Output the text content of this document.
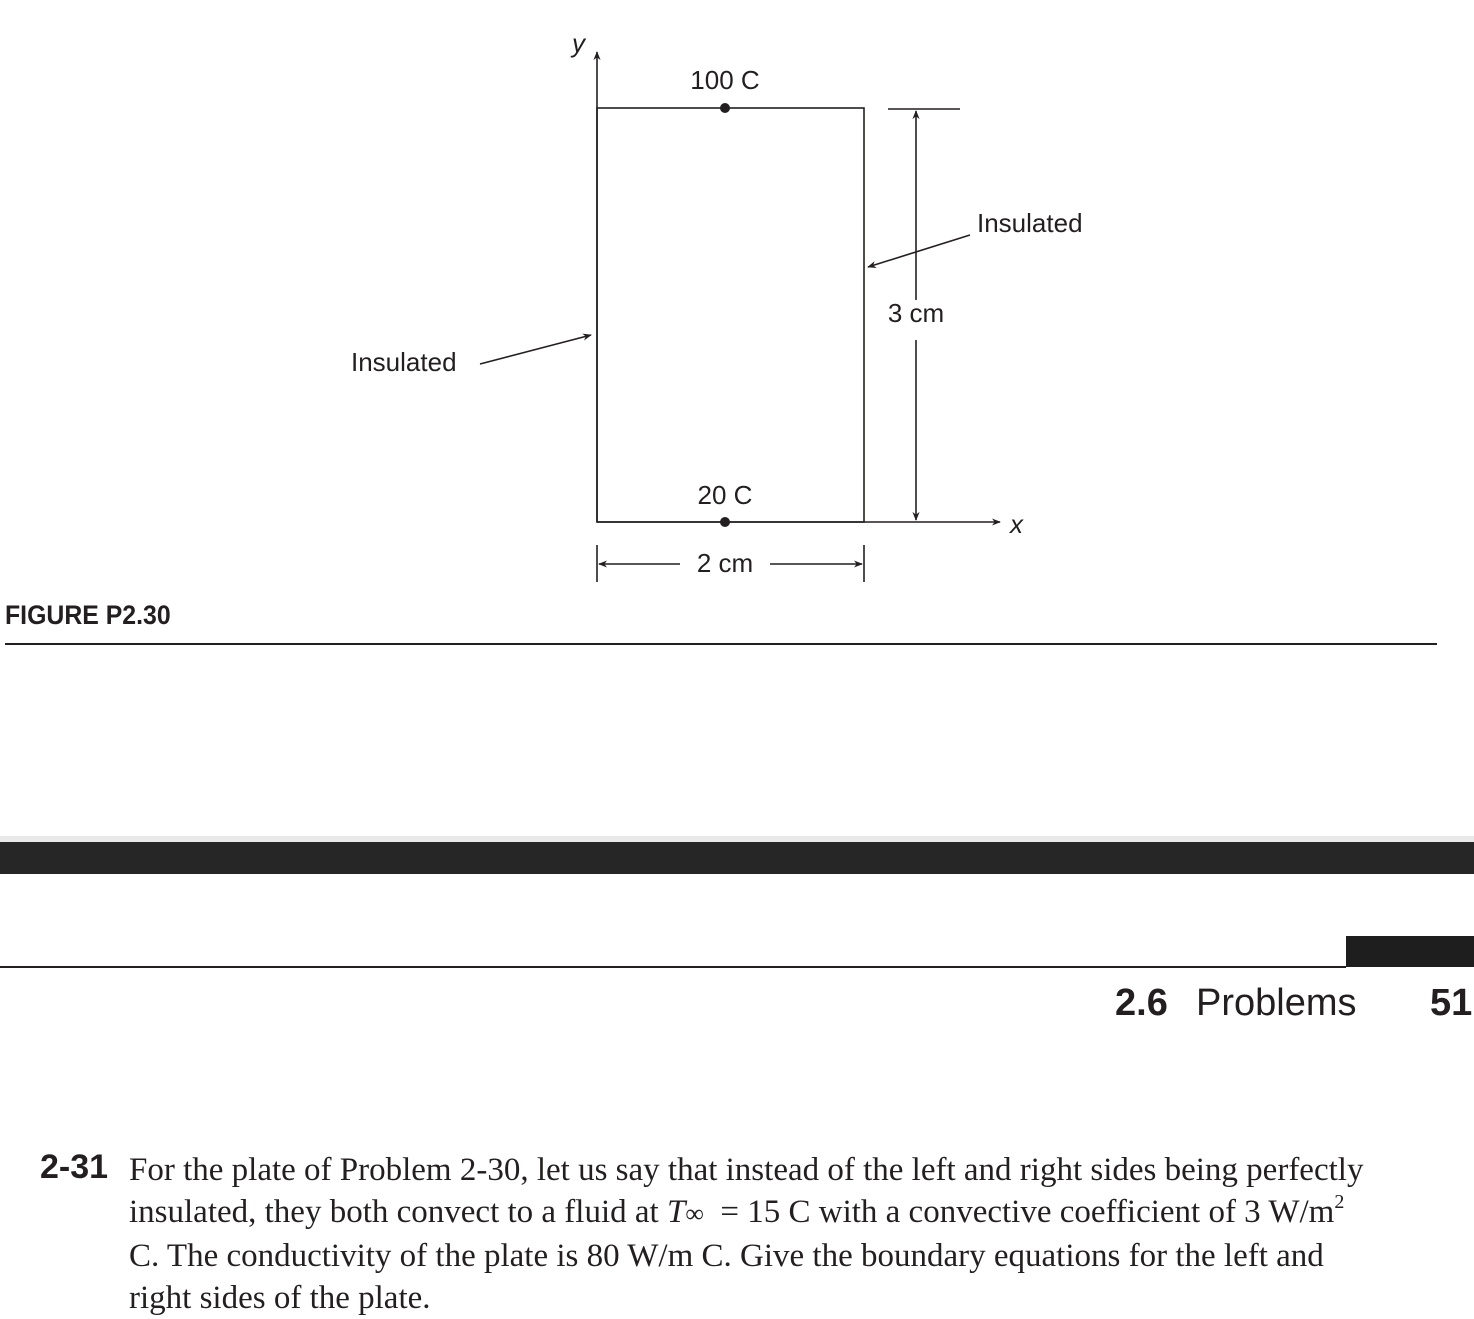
y
x
100 C
20 C
Insulated
Insulated
3 cm
2 cm
FIGURE P2.30
2.6 Problems 51
2-31 For the plate of Problem 2-30, let us say that instead of the left and right sides being perfectly
insulated, they both convect to a fluid at T∞  = 15 C with a convective coefficient of 3 $W/m^2$
C. The conductivity of the plate is 80 W/m C. Give the boundary equations for the left and
right sides of the plate.
